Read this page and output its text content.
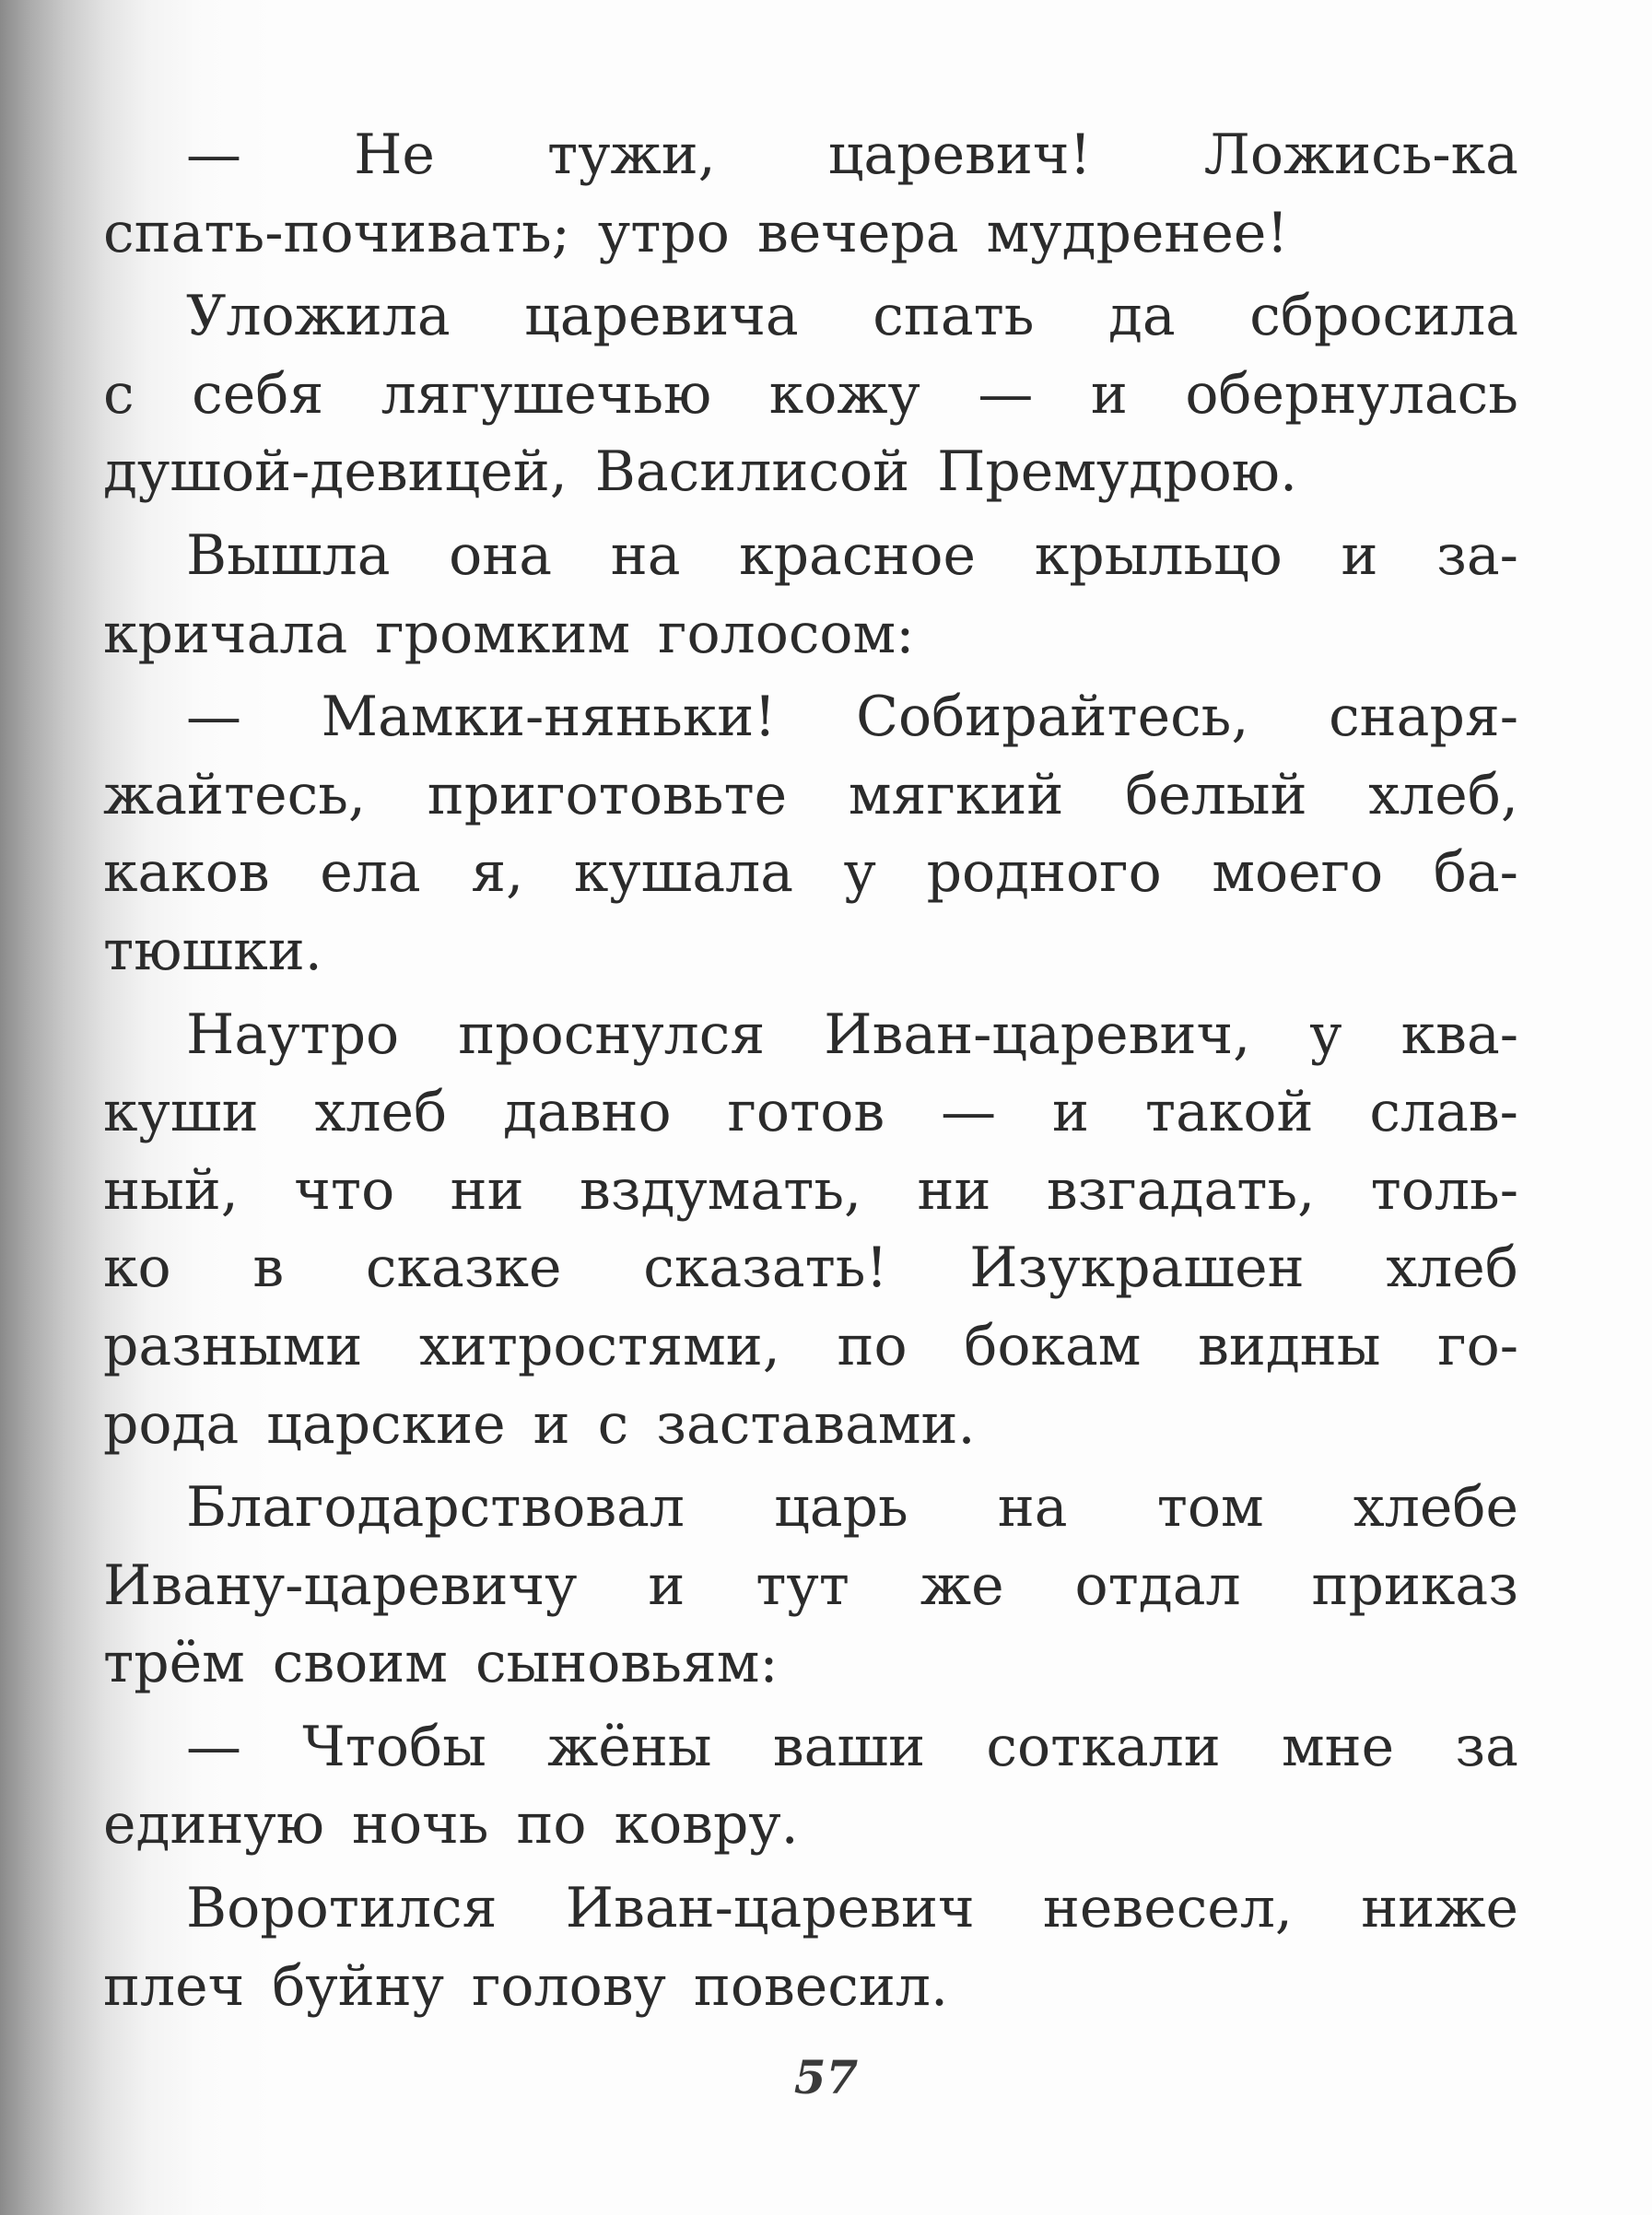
— Не тужи, царевич! Ложись-ка
спать-почивать; утро вечера мудренее!
Уложила царевича спать да сбросила
с себя лягушечью кожу — и обернулась
душой-девицей, Василисой Премудрою.
Вышла она на красное крыльцо и за-
кричала громким голосом:
— Мамки-няньки! Собирайтесь, снаря-
жайтесь, приготовьте мягкий белый хлеб,
каков ела я, кушала у родного моего ба-
тюшки.
Наутро проснулся Иван-царевич, у ква-
куши хлеб давно готов — и такой слав-
ный, что ни вздумать, ни взгадать, толь-
ко в сказке сказать! Изукрашен хлеб
разными хитростями, по бокам видны го-
рода царские и с заставами.
Благодарствовал царь на том хлебе
Ивану-царевичу и тут же отдал приказ
трём своим сыновьям:
— Чтобы жёны ваши соткали мне за
единую ночь по ковру.
Воротился Иван-царевич невесел, ниже
плеч буйну голову повесил.
57
